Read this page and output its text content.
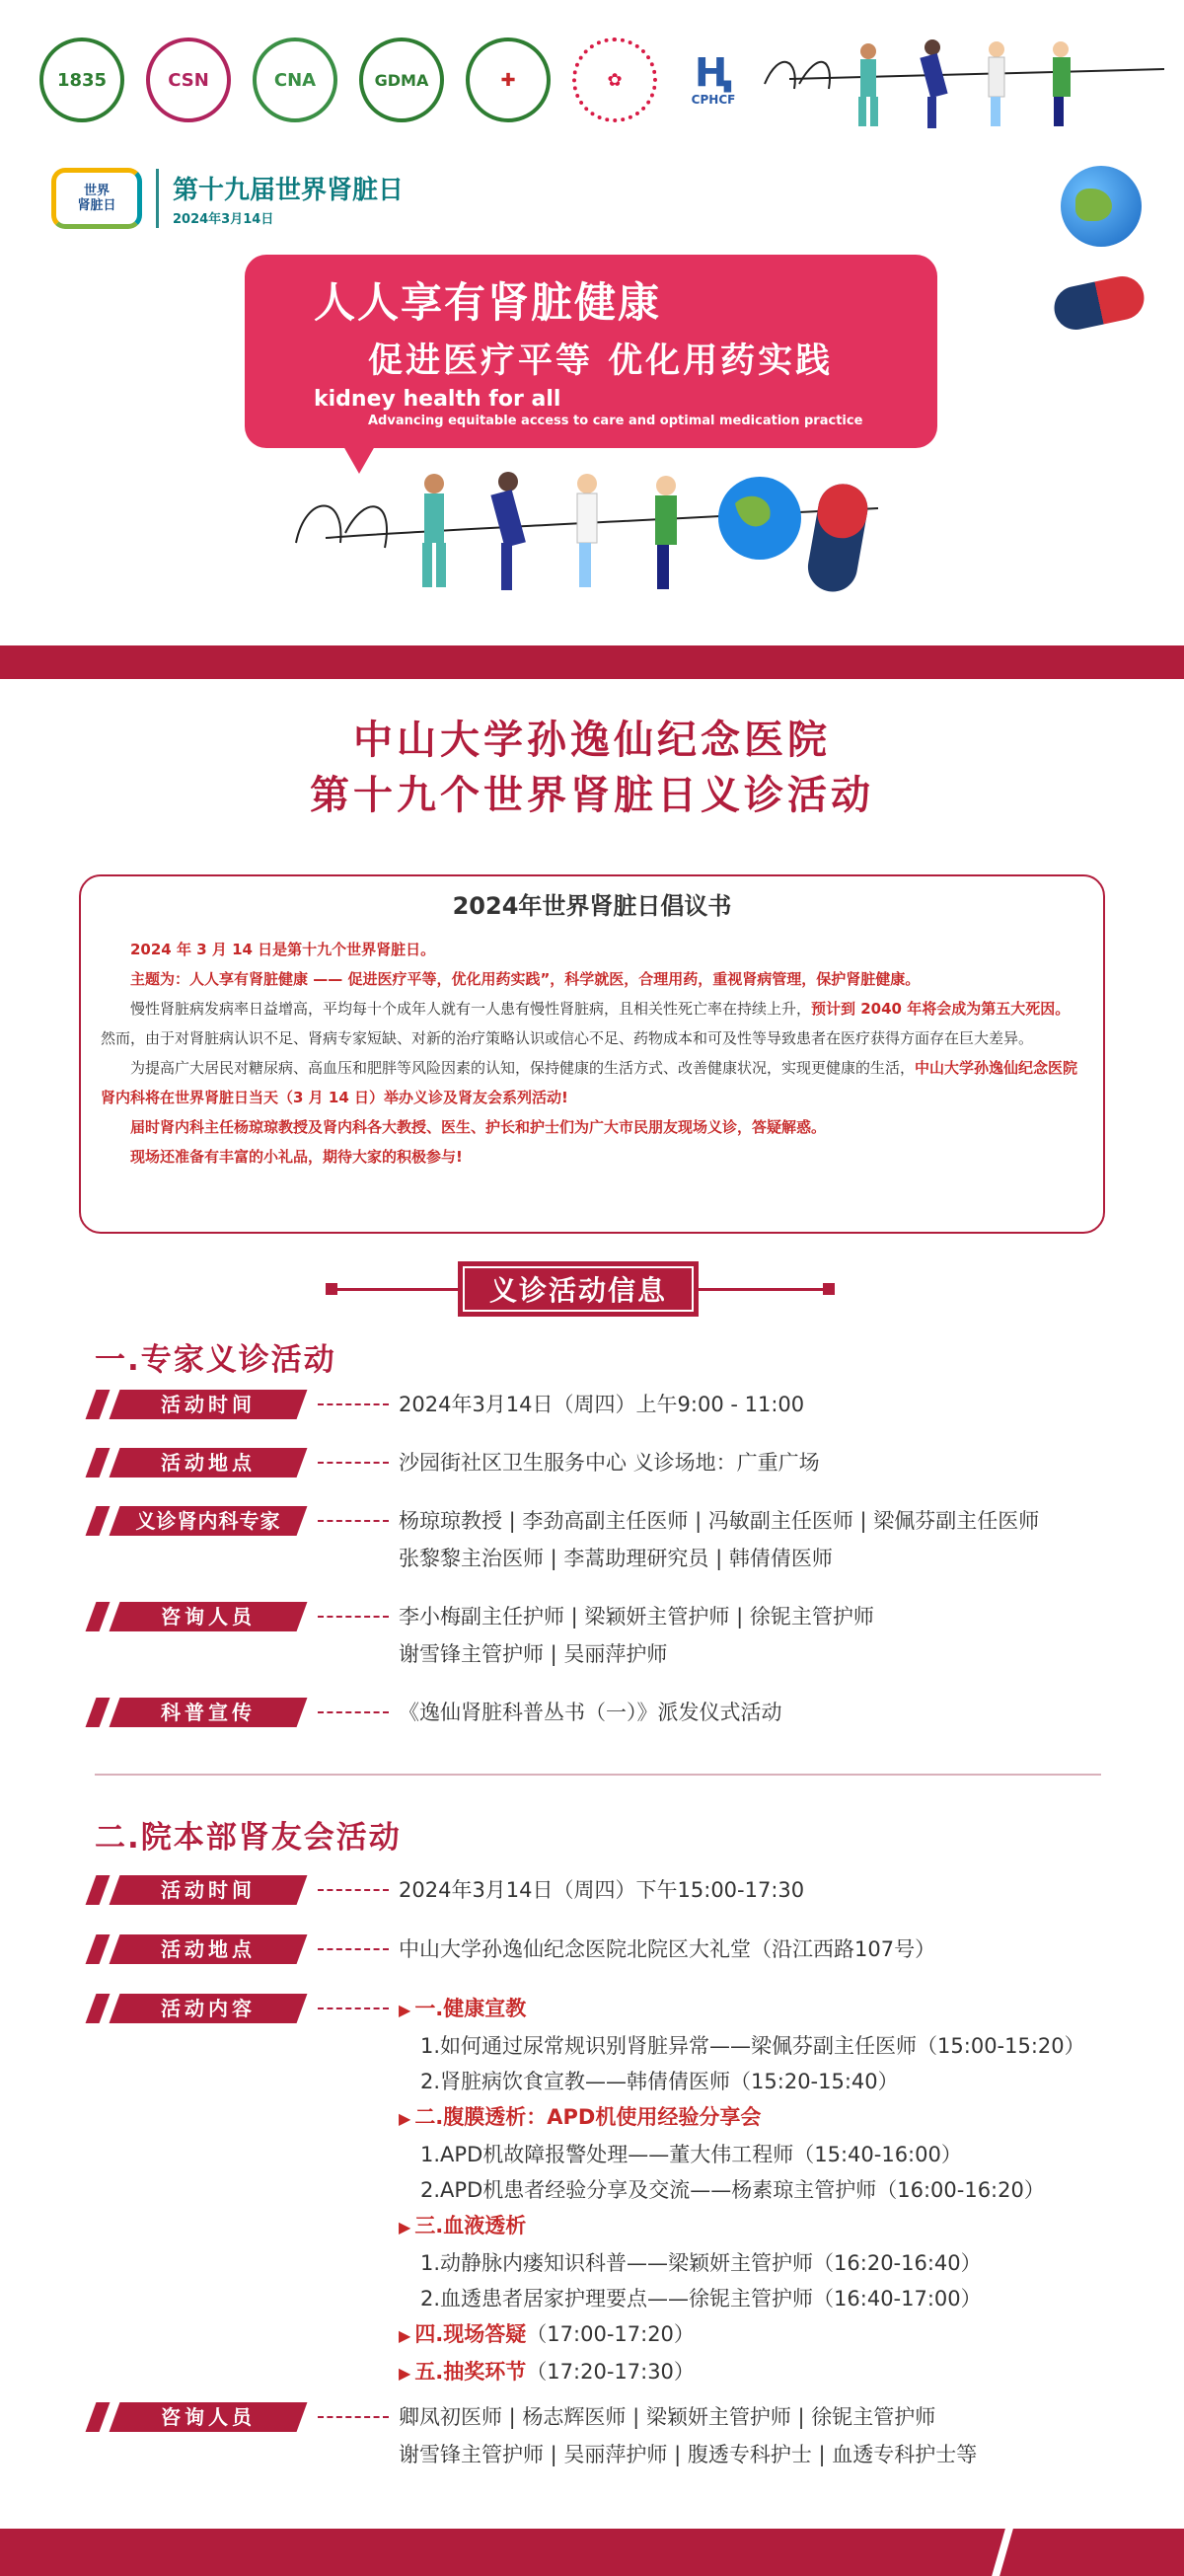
1835	CSN	CNA	GDMA	✚	✿	Ⱨ
CPHCF
世界
肾脏日
第十九届世界肾脏日
2024年3月14日
人人享有肾脏健康
促进医疗平等 优化用药实践
kidney health for all
Advancing equitable access to care and optimal medication practice
中山大学孙逸仙纪念医院
第十九个世界肾脏日义诊活动
2024年世界肾脏日倡议书

2024 年 3 月 14 日是第十九个世界肾脏日。

主题为：人人享有肾脏健康 —— 促进医疗平等，优化用药实践”，科学就医，合理用药，重视肾病管理，保护肾脏健康。

慢性肾脏病发病率日益增高，平均每十个成年人就有一人患有慢性肾脏病，且相关性死亡率在持续上升，预计到 2040 年将会成为第五大死因。然而，由于对肾脏病认识不足、肾病专家短缺、对新的治疗策略认识或信心不足、药物成本和可及性等导致患者在医疗获得方面存在巨大差异。

为提高广大居民对糖尿病、高血压和肥胖等风险因素的认知，保持健康的生活方式、改善健康状况，实现更健康的生活，中山大学孙逸仙纪念医院肾内科将在世界肾脏日当天（3 月 14 日）举办义诊及肾友会系列活动!

届时肾内科主任杨琼琼教授及肾内科各大教授、医生、护长和护士们为广大市民朋友现场义诊，答疑解惑。

现场还准备有丰富的小礼品，期待大家的积极参与!

义诊活动信息
一.专家义诊活动
活动时间	2024年3月14日（周四）上午9:00 - 11:00
活动地点	沙园街社区卫生服务中心 义诊场地：广重广场
义诊肾内科专家	杨琼琼教授 | 李劲高副主任医师 | 冯敏副主任医师 | 梁佩芬副主任医师
张黎黎主治医师 | 李蒿助理研究员 | 韩倩倩医师
咨询人员	李小梅副主任护师 | 梁颖妍主管护师 | 徐铌主管护师
谢雪锋主管护师 | 吴丽萍护师
科普宣传	《逸仙肾脏科普丛书（一）》派发仪式活动
二.院本部肾友会活动
活动时间	2024年3月14日（周四）下午15:00-17:30
活动地点	中山大学孙逸仙纪念医院北院区大礼堂（沿江西路107号）
活动内容	▶ 一.健康宣教
1.如何通过尿常规识别肾脏异常——梁佩芬副主任医师（15:00-15:20）
2.肾脏病饮食宣教——韩倩倩医师（15:20-15:40）
▶ 二.腹膜透析：APD机使用经验分享会
1.APD机故障报警处理——董大伟工程师（15:40-16:00）
2.APD机患者经验分享及交流——杨素琼主管护师（16:00-16:20）
▶ 三.血液透析
1.动静脉内瘘知识科普——梁颖妍主管护师（16:20-16:40）
2.血透患者居家护理要点——徐铌主管护师（16:40-17:00）
▶ 四.现场答疑（17:00-17:20）
▶ 五.抽奖环节（17:20-17:30）
咨询人员	卿凤初医师 | 杨志辉医师 | 梁颖妍主管护师 | 徐铌主管护师
谢雪锋主管护师 | 吴丽萍护师 | 腹透专科护士 | 血透专科护士等
